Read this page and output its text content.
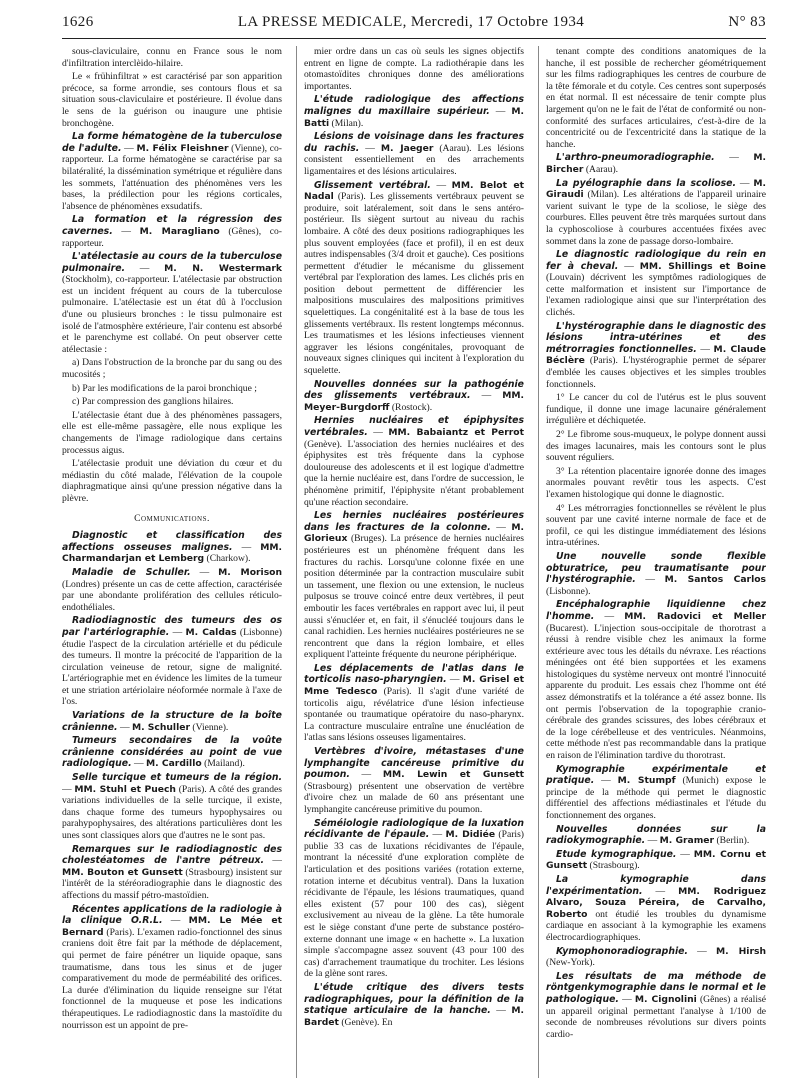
1626	LA PRESSE MEDICALE, Mercredi, 17 Octobre 1934	N° 83

sous-claviculaire, connu en France sous le nom d'infiltration interclèido-hilaire.

Le « frühinfiltrat » est caractérisé par son apparition précoce, sa forme arrondie, ses contours flous et sa situation sous-claviculaire et postérieure. Il évolue dans le sens de la guérison ou inaugure une phtisie bronchogène.

La forme hématogène de la tuberculose de l'adulte. — M. Félix Fleishner (Vienne), co-rapporteur. La forme hématogène se caractérise par sa bilatéralité, la dissémination symétrique et régulière dans les sommets, l'atténuation des phénomènes vers les bases, la prédilection pour les régions corticales, l'absence de phénomènes exsudatifs.

La formation et la régression des cavernes. — M. Maragliano (Gênes), co-rapporteur.

L'atélectasie au cours de la tuberculose pulmonaire. — M. N. Westermark (Stockholm), co-rapporteur. L'atélectasie par obstruction est un incident fréquent au cours de la tuberculose pulmonaire. L'atélectasie est un état dû à l'occlusion d'une ou plusieurs bronches : le tissu pulmonaire est isolé de l'atmosphère extérieure, l'air contenu est absorbé et le parenchyme est collabé. On peut observer cette atélectasie :

a) Dans l'obstruction de la bronche par du sang ou des mucosités ;

b) Par les modifications de la paroi bronchique ;

c) Par compression des ganglions hilaires.

L'atélectasie étant due à des phénomènes passagers, elle est elle-même passagère, elle nous explique les changements de l'image radiologique dans certains processus aigus.

L'atélectasie produit une déviation du cœur et du médiastin du côté malade, l'élévation de la coupole diaphragmatique ainsi qu'une pression négative dans la plèvre.

Communications.

Diagnostic et classification des affections osseuses malignes. — MM. Charmandarjan et Lemberg (Charkow).

Maladie de Schuller. — M. Morison (Londres) présente un cas de cette affection, caractérisée par une abondante prolifération des cellules réticulo-endothéliales.

Radiodiagnostic des tumeurs des os par l'artériographie. — M. Caldas (Lisbonne) étudie l'aspect de la circulation artérielle et du pédicule des tumeurs. Il montre la précocité de l'apparition de la circulation veineuse de retour, signe de malignité. L'artériographie met en évidence les limites de la tumeur et une striation artériolaire néoformée normale à l'axe de l'os.

Variations de la structure de la boîte crânienne. — M. Schuller (Vienne).

Tumeurs secondaires de la voûte crânienne considérées au point de vue radiologique. — M. Cardillo (Mailand).

Selle turcique et tumeurs de la région. — MM. Stuhl et Puech (Paris). A côté des grandes variations individuelles de la selle turcique, il existe, dans chaque forme des tumeurs hypophysaires ou parahypophysaires, des altérations particulières dont les unes sont classiques alors que d'autres ne le sont pas.

Remarques sur le radiodiagnostic des cholestéatomes de l'antre pétreux. — MM. Bouton et Gunsett (Strasbourg) insistent sur l'intérêt de la stéréoradiographie dans le diagnostic des affections du massif pétro-mastoïdien.

Récentes applications de la radiologie à la clinique O.R.L. — MM. Le Mée et Bernard (Paris). L'examen radio-fonctionnel des sinus craniens doit être fait par la méthode de déplacement, qui permet de faire pénétrer un liquide opaque, sans traumatisme, dans tous les sinus et de juger comparativement du mode de perméabilité des orifices. La durée d'élimination du liquide renseigne sur l'état fonctionnel de la muqueuse et pose les indications thérapeutiques. Le radiodiagnostic dans la mastoïdite du nourrisson est un appoint de pre-

mier ordre dans un cas où seuls les signes objectifs entrent en ligne de compte. La radiothérapie dans les otomastoïdites chroniques donne des améliorations importantes.

L'étude radiologique des affections malignes du maxillaire supérieur. — M. Batti (Milan).

Lésions de voisinage dans les fractures du rachis. — M. Jaeger (Aarau). Les lésions consistent essentiellement en des arrachements ligamentaires et des lésions articulaires.

Glissement vertébral. — MM. Belot et Nadal (Paris). Les glissements vertébraux peuvent se produire, soit latéralement, soit dans le sens antéro-postérieur. Ils siègent surtout au niveau du rachis lombaire. A côté des deux positions radiographiques les plus souvent employées (face et profil), il en est deux autres indispensables (3/4 droit et gauche). Ces positions permettent d'étudier le mécanisme du glissement vertébral par l'exploration des lames. Les clichés pris en position debout permettent de différencier les malpositions musculaires des malpositions primitives squelettiques. La congénitalité est à la base de tous les glissements vertébraux. Ils restent longtemps méconnus. Les traumatismes et les lésions infectieuses viennent aggraver les lésions congénitales, provoquant de nouveaux signes cliniques qui incitent à l'exploration du squelette.

Nouvelles données sur la pathogénie des glissements vertébraux. — MM. Meyer-Burgdorff (Rostock).

Hernies nucléaires et épiphysites vertébrales. — MM. Babaiantz et Perrot (Genève). L'association des hernies nucléaires et des épiphysites est très fréquente dans la cyphose douloureuse des adolescents et il est logique d'admettre que la hernie nucléaire est, dans l'ordre de succession, le phénomène primitif, l'épiphysite n'étant probablement qu'une réaction secondaire.

Les hernies nucléaires postérieures dans les fractures de la colonne. — M. Glorieux (Bruges). La présence de hernies nucléaires postérieures est un phénomène fréquent dans les fractures du rachis. Lorsqu'une colonne fixée en une position déterminée par la contraction musculaire subit un tassement, une flexion ou une extension, le nucleus pulposus se trouve coincé entre deux vertèbres, il peut emboutir les faces vertébrales en rapport avec lui, il peut aussi s'énucléer et, en fait, il s'énucléé toujours dans le canal rachidien. Les hernies nucléaires postérieures ne se rencontrent que dans la région lombaire, et elles expliquent l'atteinte fréquente du neurone périphérique.

Les déplacements de l'atlas dans le torticolis naso-pharyngien. — M. Grisel et Mme Tedesco (Paris). Il s'agit d'une variété de torticolis aigu, révélatrice d'une lésion infectieuse spontanée ou traumatique opératoire du naso-pharynx. La contracture musculaire entraîne une énucléation de l'atlas sans lésions osseuses ligamentaires.

Vertèbres d'ivoire, métastases d'une lymphangite cancéreuse primitive du poumon. — MM. Lewin et Gunsett (Strasbourg) présentent une observation de vertèbre d'ivoire chez un malade de 60 ans présentant une lymphangite cancéreuse primitive du poumon.

Séméiologie radiologique de la luxation récidivante de l'épaule. — M. Didiée (Paris) publie 33 cas de luxations récidivantes de l'épaule, montrant la nécessité d'une exploration complète de l'articulation et des positions variées (rotation externe, rotation interne et décubitus ventral). Dans la luxation récidivante de l'épaule, les lésions traumatiques, quand elles existent (57 pour 100 des cas), siègent exclusivement au niveau de la glène. La tête humorale est le siège constant d'une perte de substance postéro-externe donnant une image « en hachette ». La luxation simple s'accompagne assez souvent (43 pour 100 des cas) d'arrachement traumatique du trochiter. Les lésions de la glène sont rares.

L'étude critique des divers tests radiographiques, pour la définition de la statique articulaire de la hanche. — M. Bardet (Genève). En

tenant compte des conditions anatomiques de la hanche, il est possible de rechercher géométriquement sur les films radiographiques les centres de courbure de la tête fémorale et du cotyle. Ces centres sont superposés en état normal. Il est nécessaire de tenir compte plus largement qu'on ne le fait de l'état de conformité ou non-conformité des surfaces articulaires, c'est-à-dire de la concentricité ou de l'excentricité dans la statique de la hanche.

L'arthro-pneumoradiographie. — M. Bircher (Aarau).

La pyélographie dans la scoliose. — M. Giraudi (Milan). Les altérations de l'appareil urinaire varient suivant le type de la scoliose, le siège des courbures. Elles peuvent être très marquées surtout dans la cyphoscoliose à courbures accentuées fixées avec sommet dans la zone de passage dorso-lombaire.

Le diagnostic radiologique du rein en fer à cheval. — MM. Shillings et Boine (Louvain) décrivent les symptômes radiologiques de cette malformation et insistent sur l'importance de l'examen radiologique ainsi que sur l'interprétation des clichés.

L'hystérographie dans le diagnostic des lésions intra-utérines et des métrorragies fonctionnelles. — M. Claude Béclère (Paris). L'hystérographie permet de séparer d'emblée les causes objectives et les simples troubles fonctionnels.

1° Le cancer du col de l'utérus est le plus souvent fundique, il donne une image lacunaire généralement irrégulière et déchiquetée.

2° Le fibrome sous-muqueux, le polype donnent aussi des images lacunaires, mais les contours sont le plus souvent réguliers.

3° La rétention placentaire ignorée donne des images anormales pouvant revêtir tous les aspects. C'est l'examen histologique qui donne le diagnostic.

4° Les métrorragies fonctionnelles se révèlent le plus souvent par une cavité interne normale de face et de profil, ce qui les distingue immédiatement des lésions intra-utérines.

Une nouvelle sonde flexible obturatrice, peu traumatisante pour l'hystérographie. — M. Santos Carlos (Lisbonne).

Encéphalographie liquidienne chez l'homme. — MM. Radovici et Meller (Bucarest). L'injection sous-occipitale de thorotrast a réussi à rendre visible chez les animaux la forme extérieure avec tous les détails du névraxe. Les réactions méningées ont été bien supportées et les examens histologiques du système nerveux ont montré l'innocuité apparente du produit. Les essais chez l'homme ont été assez démonstratifs et la tolérance a été assez bonne. Ils ont permis l'observation de la topographie cranio-cérébrale des grandes scissures, des lobes cérébraux et de la loge cérébelleuse et des ventricules. Néanmoins, cette méthode n'est pas recommandable dans la pratique en raison de l'élimination tardive du thorotrast.

Kymographie expérimentale et pratique. — M. Stumpf (Munich) expose le principe de la méthode qui permet le diagnostic différentiel des affections médiastinales et l'étude du fonctionnement des organes.

Nouvelles données sur la radiokymographie. — M. Gramer (Berlin).

Etude kymographique. — MM. Cornu et Gunsett (Strasbourg).

La kymographie dans l'expérimentation. — MM. Rodriguez Alvaro, Souza Péreira, de Carvalho, Roberto ont étudié les troubles du dynamisme cardiaque en associant à la kymographie les examens électrocardiographiques.

Kymophonoradiographie. — M. Hirsh (New-York).

Les résultats de ma méthode de röntgenkymographie dans le normal et le pathologique. — M. Cignolini (Gênes) a réalisé un appareil original permettant l'analyse à 1/100 de seconde de nombreuses révolutions sur divers points cardio-
